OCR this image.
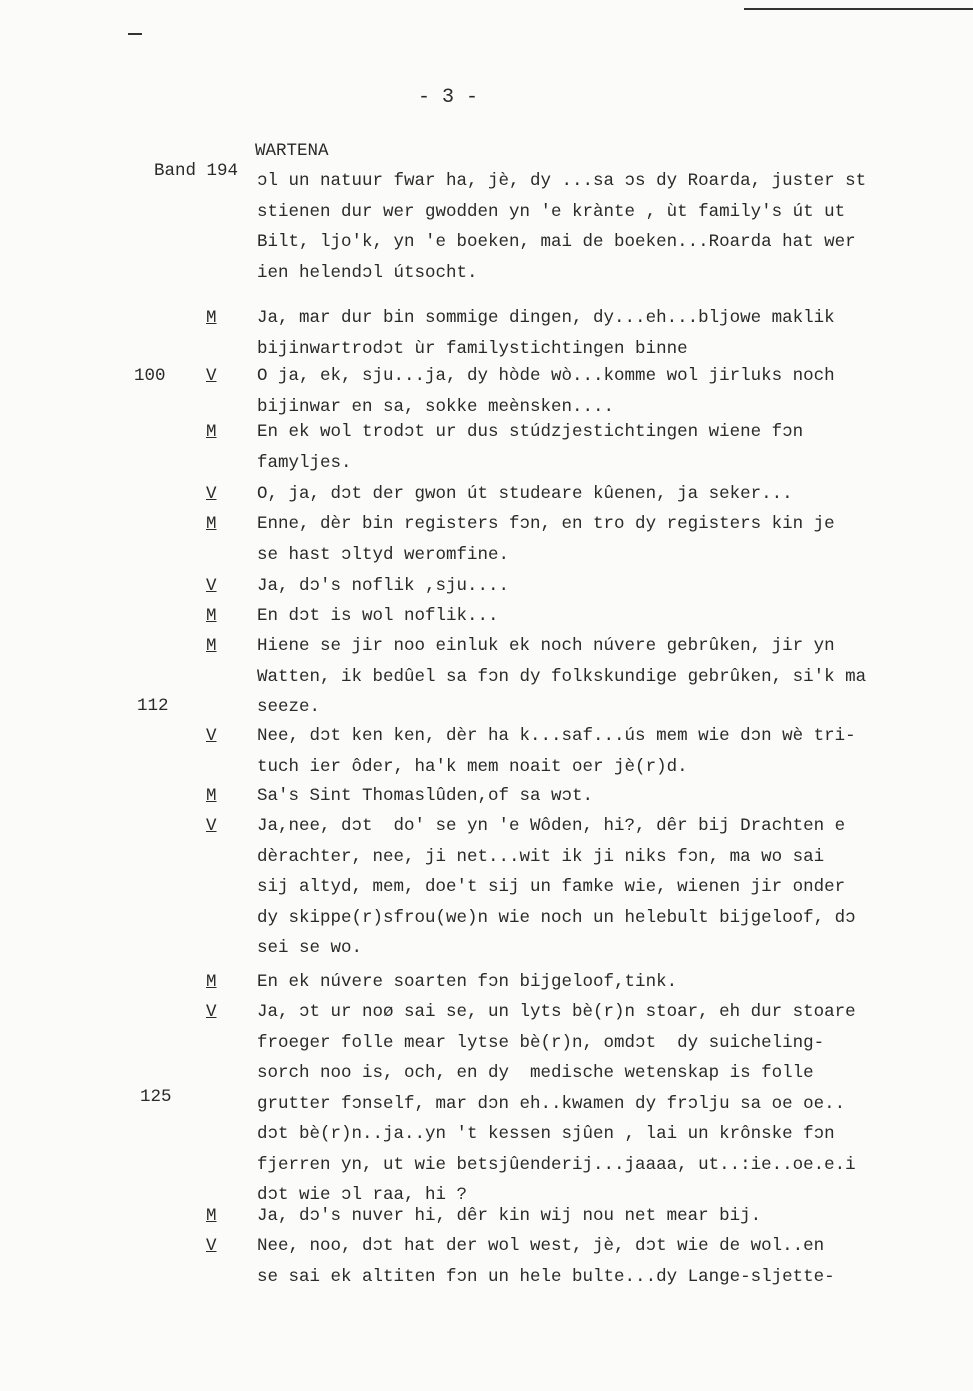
- 3 -

Band 194

WARTENA

ɔl un natuur fwar ha, jè, dy ...sa ɔs dy Roarda, juster st
stienen dur wer gwodden yn 'e krànte , ùt family's út ut
Bilt, ljo'k, yn 'e boeken, mai de boeken...Roarda hat wer
ien helendɔl útsocht.
M Ja, mar dur bin sommige dingen, dy...eh...bljowe maklik
bijinwartrodɔt ùr familystichtingen binne
100 V O ja, ek, sju...ja, dy hòde wò...komme wol jirluks noch
bijinwar en sa, sokke meènsken....
M En ek wol trodɔt ur dus stúdzjestichtingen wiene fɔn
famyljes.
V O, ja, dɔt der gwon út studeare kûenen, ja seker...
M Enne, dèr bin registers fɔn, en tro dy registers kin je
se hast ɔltyd weromfine.
V Ja, dɔ's noflik ,sju....
M En dɔt is wol noflik...
M Hiene se jir noo einluk ek noch núvere gebrûken, jir yn
Watten, ik bedûel sa fɔn dy folkskundige gebrûken, si'k ma
seeze.
V Nee, dɔt ken ken, dèr ha k...saf...ús mem wie dɔn wè tri-
tuch ier ôder, ha'k mem noait oer jè(r)d.
M Sa's Sint Thomaslûden,of sa wɔt.
V Ja,nee, dɔt  do' se yn 'e Wôden, hi?, dêr bij Drachten e
dèrachter, nee, ji net...wit ik ji niks fɔn, ma wo sai
sij altyd, mem, doe't sij un famke wie, wienen jir onder
dy skippe(r)sfrou(we)n wie noch un helebult bijgeloof, dɔ
sei se wo.
M En ek núvere soarten fɔn bijgeloof,tink.
V Ja, ɔt ur noø sai se, un lyts bè(r)n stoar, eh dur stoare
froeger folle mear lytse bè(r)n, omdɔt  dy suicheling-
sorch noo is, och, en dy  medische wetenskap is folle
grutter fɔnself, mar dɔn eh..kwamen dy frɔlju sa oe oe..
dɔt bè(r)n..ja..yn 't kessen sjûen , lai un krônske fɔn
fjerren yn, ut wie betsjûenderij...jaaaa, ut..:ie..oe.e.i
dɔt wie ɔl raa, hi ?
M Ja, dɔ's nuver hi, dêr kin wij nou net mear bij.
V Nee, noo, dɔt hat der wol west, jè, dɔt wie de wol..en
se sai ek altiten fɔn un hele bulte...dy Lange-sljette-
112
125
